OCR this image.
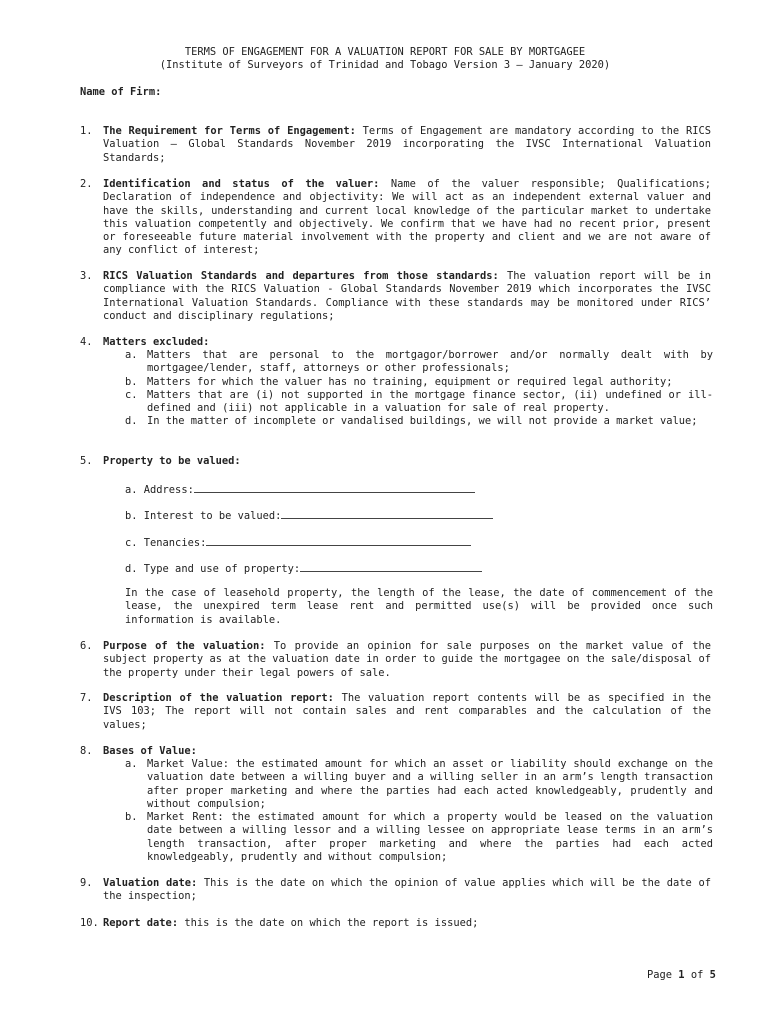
TERMS OF ENGAGEMENT FOR A VALUATION REPORT FOR SALE BY MORTGAGEE
(Institute of Surveyors of Trinidad and Tobago Version 3 – January 2020)
Name of Firm:
1. The Requirement for Terms of Engagement: Terms of Engagement are mandatory according to the RICS Valuation – Global Standards November 2019 incorporating the IVSC International Valuation Standards;
2. Identification and status of the valuer: Name of the valuer responsible; Qualifications; Declaration of independence and objectivity: We will act as an independent external valuer and have the skills, understanding and current local knowledge of the particular market to undertake this valuation competently and objectively. We confirm that we have had no recent prior, present or foreseeable future material involvement with the property and client and we are not aware of any conflict of interest;
3. RICS Valuation Standards and departures from those standards: The valuation report will be in compliance with the RICS Valuation - Global Standards November 2019 which incorporates the IVSC International Valuation Standards. Compliance with these standards may be monitored under RICS’ conduct and disciplinary regulations;
4. Matters excluded:
a. Matters that are personal to the mortgagor/borrower and/or normally dealt with by mortgagee/lender, staff, attorneys or other professionals;
b. Matters for which the valuer has no training, equipment or required legal authority;
c. Matters that are (i) not supported in the mortgage finance sector, (ii) undefined or ill-defined and (iii) not applicable in a valuation for sale of real property.
d. In the matter of incomplete or vandalised buildings, we will not provide a market value;
5. Property to be valued:
a. Address:
b. Interest to be valued:
c. Tenancies:
d. Type and use of property:
In the case of leasehold property, the length of the lease, the date of commencement of the lease, the unexpired term lease rent and permitted use(s) will be provided once such information is available.
6. Purpose of the valuation: To provide an opinion for sale purposes on the market value of the subject property as at the valuation date in order to guide the mortgagee on the sale/disposal of the property under their legal powers of sale.
7. Description of the valuation report: The valuation report contents will be as specified in the IVS 103; The report will not contain sales and rent comparables and the calculation of the values;
8. Bases of Value:
a. Market Value: the estimated amount for which an asset or liability should exchange on the valuation date between a willing buyer and a willing seller in an arm’s length transaction after proper marketing and where the parties had each acted knowledgeably, prudently and without compulsion;
b. Market Rent: the estimated amount for which a property would be leased on the valuation date between a willing lessor and a willing lessee on appropriate lease terms in an arm’s length transaction, after proper marketing and where the parties had each acted knowledgeably, prudently and without compulsion;
9. Valuation date: This is the date on which the opinion of value applies which will be the date of the inspection;
10. Report date: this is the date on which the report is issued;
Page 1 of 5
